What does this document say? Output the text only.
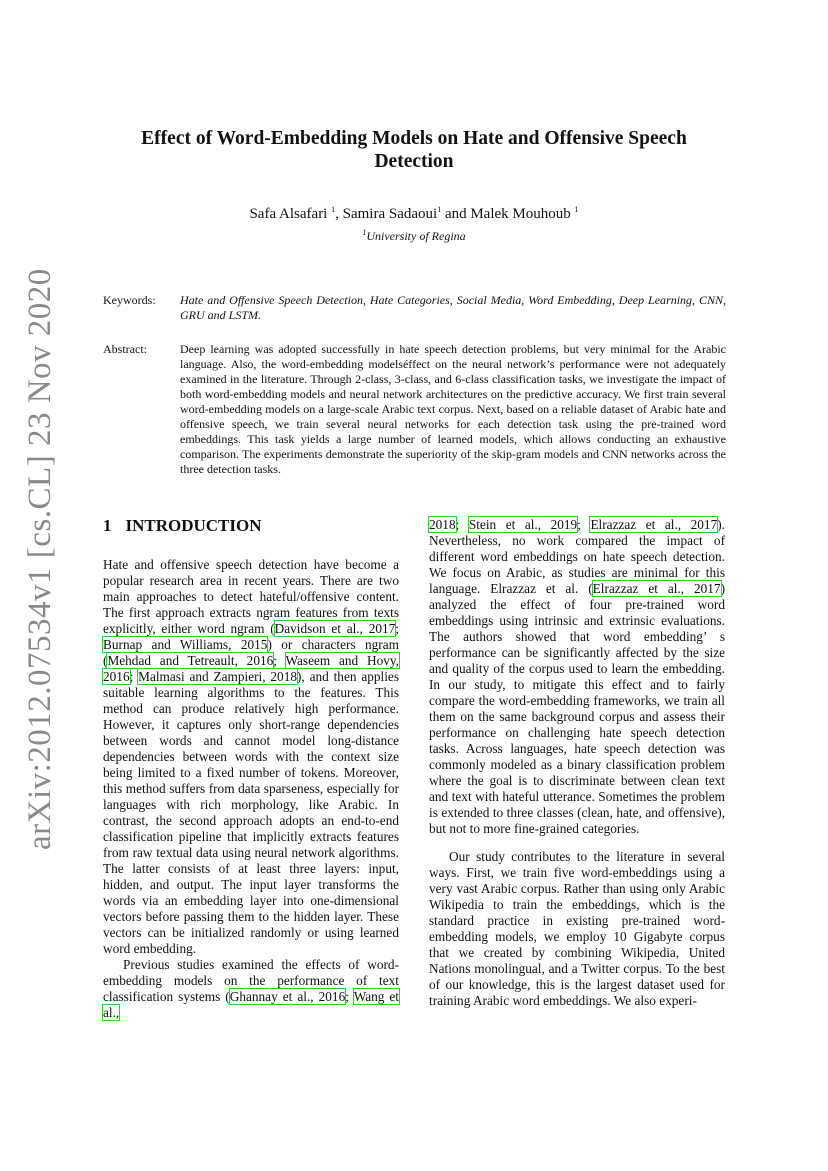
arXiv:2012.07534v1 [cs.CL] 23 Nov 2020
Effect of Word-Embedding Models on Hate and Offensive Speech Detection
Safa Alsafari $^1$, Samira Sadaoui$^1$ and Malek Mouhoub $^1$
$^1$University of Regina
Keywords: Hate and Offensive Speech Detection, Hate Categories, Social Media, Word Embedding, Deep Learning, CNN, GRU and LSTM.
Abstract:	Deep learning was adopted successfully in hate speech detection problems, but very minimal for the Arabic language. Also, the word-embedding modelséffect on the neural network’s performance were not adequately examined in the literature. Through 2-class, 3-class, and 6-class classification tasks, we investigate the impact of both word-embedding models and neural network architectures on the predictive accuracy. We first train several word-embedding models on a large-scale Arabic text corpus. Next, based on a reliable dataset of Arabic hate and offensive speech, we train several neural networks for each detection task using the pre-trained word embeddings. This task yields a large number of learned models, which allows conducting an exhaustive comparison. The experiments demonstrate the superiority of the skip-gram models and CNN networks across the three detection tasks.
1 INTRODUCTION

Hate and offensive speech detection have become a popular research area in recent years. There are two main approaches to detect hateful/offensive content. The first approach extracts ngram features from texts explicitly, either word ngram (Davidson et al., 2017; Burnap and Williams, 2015) or characters ngram (Mehdad and Tetreault, 2016; Waseem and Hovy, 2016; Malmasi and Zampieri, 2018), and then applies suitable learning algorithms to the features. This method can produce relatively high performance. However, it captures only short-range dependencies between words and cannot model long-distance dependencies between words with the context size being limited to a fixed number of tokens. Moreover, this method suffers from data sparseness, especially for languages with rich morphology, like Arabic. In contrast, the second approach adopts an end-to-end classification pipeline that implicitly extracts features from raw textual data using neural network algorithms. The latter consists of at least three layers: input, hidden, and output. The input layer transforms the words via an embedding layer into one-dimensional vectors before passing them to the hidden layer. These vectors can be initialized randomly or using learned word embedding.

Previous studies examined the effects of word-embedding models on the performance of text classification systems (Ghannay et al., 2016; Wang et al.,

2018; Stein et al., 2019; Elrazzaz et al., 2017). Nevertheless, no work compared the impact of different word embeddings on hate speech detection. We focus on Arabic, as studies are minimal for this language. Elrazzaz et al. (Elrazzaz et al., 2017) analyzed the effect of four pre-trained word embeddings using intrinsic and extrinsic evaluations. The authors showed that word embedding’ s performance can be significantly affected by the size and quality of the corpus used to learn the embedding. In our study, to mitigate this effect and to fairly compare the word-embedding frameworks, we train all them on the same background corpus and assess their performance on challenging hate speech detection tasks. Across languages, hate speech detection was commonly modeled as a binary classification problem where the goal is to discriminate between clean text and text with hateful utterance. Sometimes the problem is extended to three classes (clean, hate, and offensive), but not to more fine-grained categories.

Our study contributes to the literature in several ways. First, we train five word-embeddings using a very vast Arabic corpus. Rather than using only Arabic Wikipedia to train the embeddings, which is the standard practice in existing pre-trained word-embedding models, we employ 10 Gigabyte corpus that we created by combining Wikipedia, United Nations monolingual, and a Twitter corpus. To the best of our knowledge, this is the largest dataset used for training Arabic word embeddings. We also experi-
